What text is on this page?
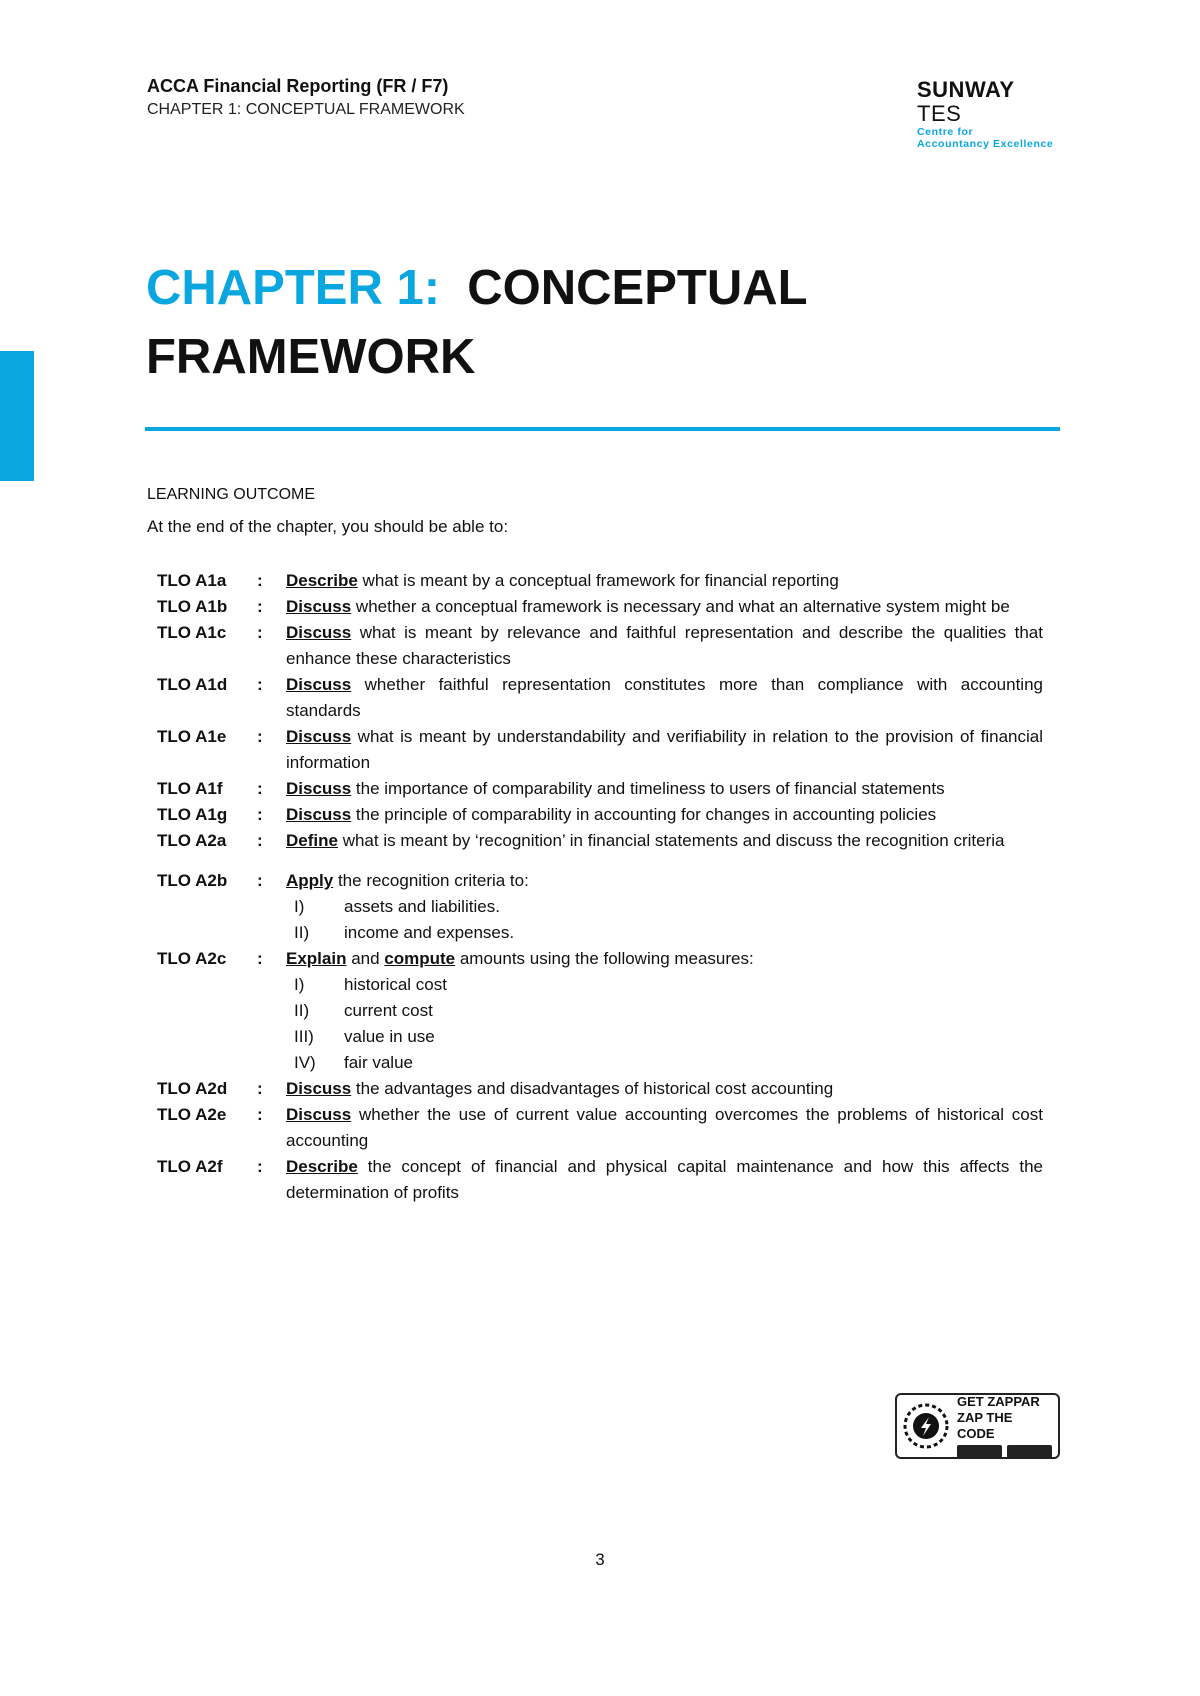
ACCA Financial Reporting (FR / F7)
CHAPTER 1: CONCEPTUAL FRAMEWORK
SUNWAY TES
Centre for
Accountancy Excellence
CHAPTER 1: CONCEPTUAL
FRAMEWORK
LEARNING OUTCOME
At the end of the chapter, you should be able to:
TLO A1a	:	Describe what is meant by a conceptual framework for financial reporting
TLO A1b	:	Discuss whether a conceptual framework is necessary and what an alternative system might be
TLO A1c	:	Discuss what is meant by relevance and faithful representation and describe the qualities that enhance these characteristics
TLO A1d	:	Discuss whether faithful representation constitutes more than compliance with accounting standards
TLO A1e	:	Discuss what is meant by understandability and verifiability in relation to the provision of financial information
TLO A1f	:	Discuss the importance of comparability and timeliness to users of financial statements
TLO A1g	:	Discuss the principle of comparability in accounting for changes in accounting policies
TLO A2a	:	Define what is meant by ‘recognition’ in financial statements and discuss the recognition criteria
TLO A2b	:	Apply the recognition criteria to:
I)	assets and liabilities.
II)	income and expenses.
TLO A2c	:	Explain and compute amounts using the following measures:
I)	historical cost
II)	current cost
III)	value in use
IV)	fair value
TLO A2d	:	Discuss the advantages and disadvantages of historical cost accounting
TLO A2e	:	Discuss whether the use of current value accounting overcomes the problems of historical cost accounting
TLO A2f	:	Describe the concept of financial and physical capital maintenance and how this affects the determination of profits
GET ZAPPAR
ZAP THE CODE
3
